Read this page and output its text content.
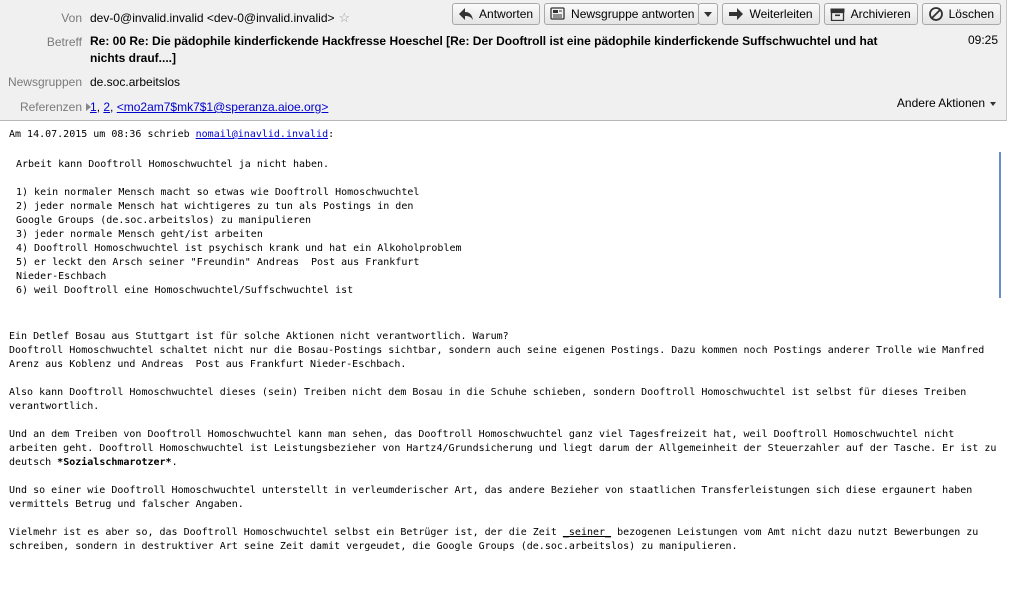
Von dev-0@invalid.invalid <dev-0@invalid.invalid> ☆	Antworten	Newsgruppe antworten	Weiterleiten	Archivieren	Löschen
Betreff Re: 00 Re: Die pädophile kinderfickende Hackfresse Hoeschel [Re: Der Dooftroll ist eine pädophile kinderfickende Suffschwuchtel und hat nichts drauf....]
09:25
Newsgruppen de.soc.arbeitslos
Referenzen 1, 2, <mo2am7$mk7$1@speranza.aioe.org>	Andere Aktionen
Am 14.07.2015 um 08:36 schrieb nomail@inavlid.invalid:
Arbeit kann Dooftroll Homoschwuchtel ja nicht haben.

1) kein normaler Mensch macht so etwas wie Dooftroll Homoschwuchtel
2) jeder normale Mensch hat wichtigeres zu tun als Postings in den
Google Groups (de.soc.arbeitslos) zu manipulieren
3) jeder normale Mensch geht/ist arbeiten
4) Dooftroll Homoschwuchtel ist psychisch krank und hat ein Alkoholproblem
5) er leckt den Arsch seiner "Freundin" Andreas  Post aus Frankfurt
Nieder-Eschbach
6) weil Dooftroll eine Homoschwuchtel/Suffschwuchtel ist
Ein Detlef Bosau aus Stuttgart ist für solche Aktionen nicht verantwortlich. Warum?
Dooftroll Homoschwuchtel schaltet nicht nur die Bosau-Postings sichtbar, sondern auch seine eigenen Postings. Dazu kommen noch Postings anderer Trolle wie Manfred
Arenz aus Koblenz und Andreas  Post aus Frankfurt Nieder-Eschbach.
Also kann Dooftroll Homoschwuchtel dieses (sein) Treiben nicht dem Bosau in die Schuhe schieben, sondern Dooftroll Homoschwuchtel ist selbst für dieses Treiben
verantwortlich.
Und an dem Treiben von Dooftroll Homoschwuchtel kann man sehen, das Dooftroll Homoschwuchtel ganz viel Tagesfreizeit hat, weil Dooftroll Homoschwuchtel nicht
arbeiten geht. Dooftroll Homoschwuchtel ist Leistungsbezieher von Hartz4/Grundsicherung und liegt darum der Allgemeinheit der Steuerzahler auf der Tasche. Er ist zu
deutsch *Sozialschmarotzer*.
Und so einer wie Dooftroll Homoschwuchtel unterstellt in verleumderischer Art, das andere Bezieher von staatlichen Transferleistungen sich diese ergaunert haben
vermittels Betrug und falscher Angaben.
Vielmehr ist es aber so, das Dooftroll Homoschwuchtel selbst ein Betrüger ist, der die Zeit _seiner_ bezogenen Leistungen vom Amt nicht dazu nutzt Bewerbungen zu
schreiben, sondern in destruktiver Art seine Zeit damit vergeudet, die Google Groups (de.soc.arbeitslos) zu manipulieren.
